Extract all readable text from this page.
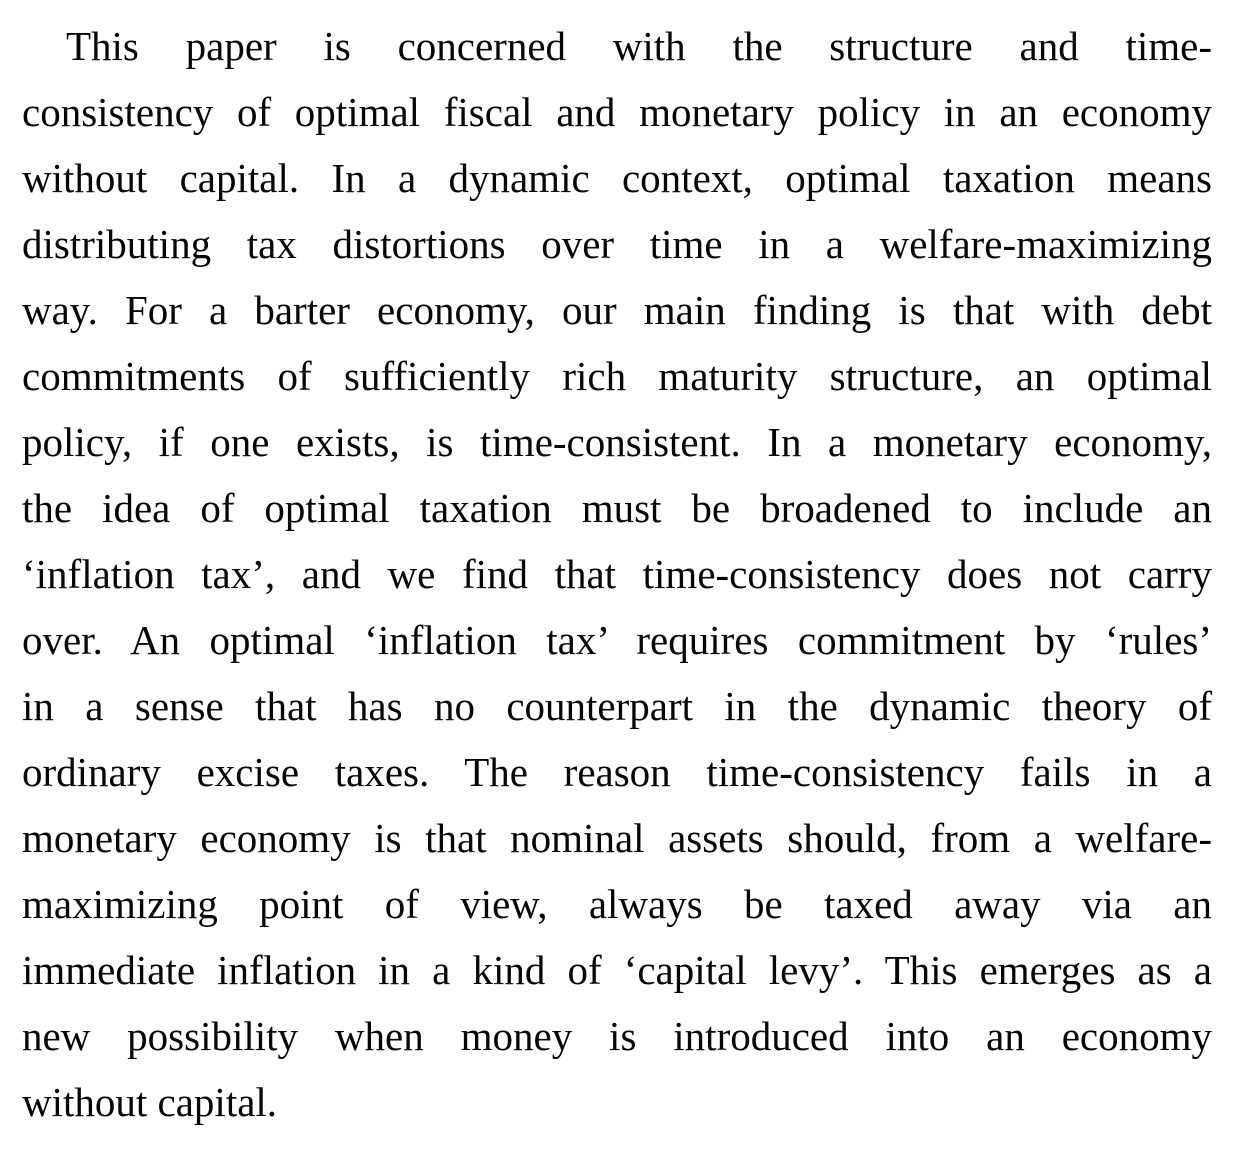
This paper is concerned with the structure and time-
consistency of optimal fiscal and monetary policy in an economy
without capital. In a dynamic context, optimal taxation means
distributing tax distortions over time in a welfare-maximizing
way. For a barter economy, our main finding is that with debt
commitments of sufficiently rich maturity structure, an optimal
policy, if one exists, is time-consistent. In a monetary economy,
the idea of optimal taxation must be broadened to include an
‘inflation tax’, and we find that time-consistency does not carry
over. An optimal ‘inflation tax’ requires commitment by ‘rules’
in a sense that has no counterpart in the dynamic theory of
ordinary excise taxes. The reason time-consistency fails in a
monetary economy is that nominal assets should, from a welfare-
maximizing point of view, always be taxed away via an
immediate inflation in a kind of ‘capital levy’. This emerges as a
new possibility when money is introduced into an economy
without capital.
